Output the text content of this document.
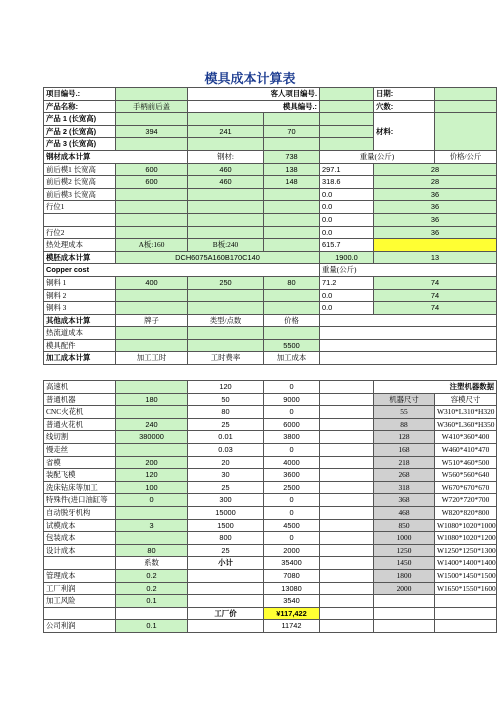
模具成本计算表
项目编号.:		客人项目编号.			日期:	
产品名称:	手柄前后盖	模具编号.:			穴数:	
产品 1 (长宽高)					材料:	
产品 2 (长宽高)	394	241	70			
产品 3 (长宽高)						
钢材成本计算		钢材:	738	重量(公斤)		价格/公斤
前后模1 长宽高	600	460	138	297.1	28	
前后模2 长宽高	600	460	148	318.6	28	
前后模3 长宽高				0.0	36	
行位1				0.0	36	
				0.0	36	
行位2				0.0	36	
热处理成本	A板:160	B板:240		615.7		
模胚成本计算	DCH6075A160B170C140			1900.0	13	
Copper cost				重量(公斤)		
铜料 1	400	250	80	71.2	74	
铜料 2				0.0	74	
铜料 3				0.0	74	
其他成本计算	牌子	类型/点数	价格			
热流道成本						
模具配件			5500			
加工成本计算	加工工时	工时费率	加工成本			
高速机		120	0		注塑机器数据	
普通机器	180	50	9000		机器尺寸	容模尺寸
CNC火花机		80	0		55	W310*L310*H320
普通火花机	240	25	6000		88	W360*L360*H350
线切割	380000	0.01	3800		128	W410*360*400
慢走丝		0.03	0		168	W460*410*470
省模	200	20	4000		218	W510*460*500
装配飞模	120	30	3600		268	W560*560*640
洗床钻床等加工	100	25	2500		318	W670*670*670
特殊件(进口油缸等	0	300	0		368	W720*720*700
自动脱牙机构		15000	0		468	W820*820*800
试模成本	3	1500	4500		850	W1080*1020*1000
包装成本		800	0		1000	W1080*1020*1200
设计成本	80	25	2000		1250	W1250*1250*1300
	系数	小计	35400		1450	W1400*1400*1400
管理成本	0.2		7080		1800	W1500*1450*1500
工厂利润	0.2		13080		2000	W1650*1550*1600
加工风险	0.1		3540			
		工厂价	¥117,422			
公司利润	0.1		11742			
